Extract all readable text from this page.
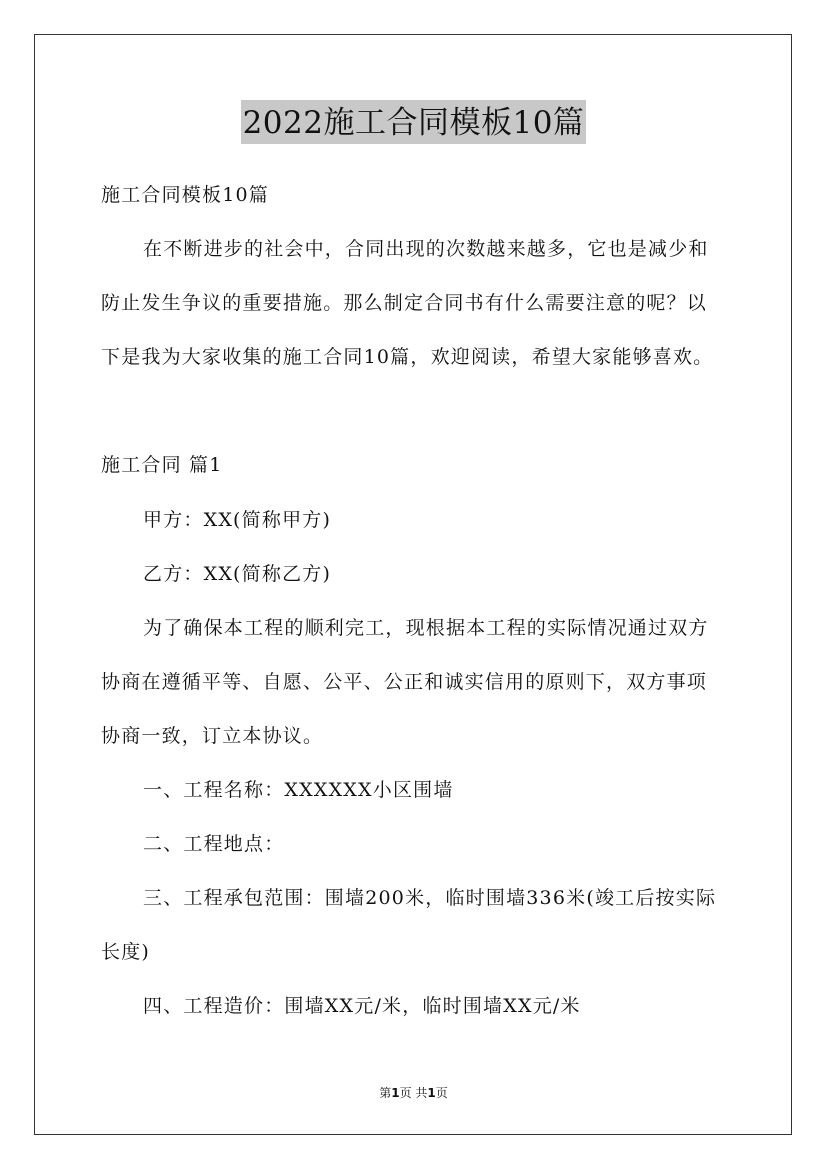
2022施工合同模板10篇
施工合同模板10篇
在不断进步的社会中，合同出现的次数越来越多，它也是减少和
防止发生争议的重要措施。那么制定合同书有什么需要注意的呢？以
下是我为大家收集的施工合同10篇，欢迎阅读，希望大家能够喜欢。
施工合同 篇1
甲方：XX(简称甲方)
乙方：XX(简称乙方)
为了确保本工程的顺利完工，现根据本工程的实际情况通过双方
协商在遵循平等、自愿、公平、公正和诚实信用的原则下，双方事项
协商一致，订立本协议。
一、工程名称：XXXXXX小区围墙
二、工程地点：
三、工程承包范围：围墙200米，临时围墙336米(竣工后按实际
长度)
四、工程造价：围墙XX元/米，临时围墙XX元/米
第1页 共1页
